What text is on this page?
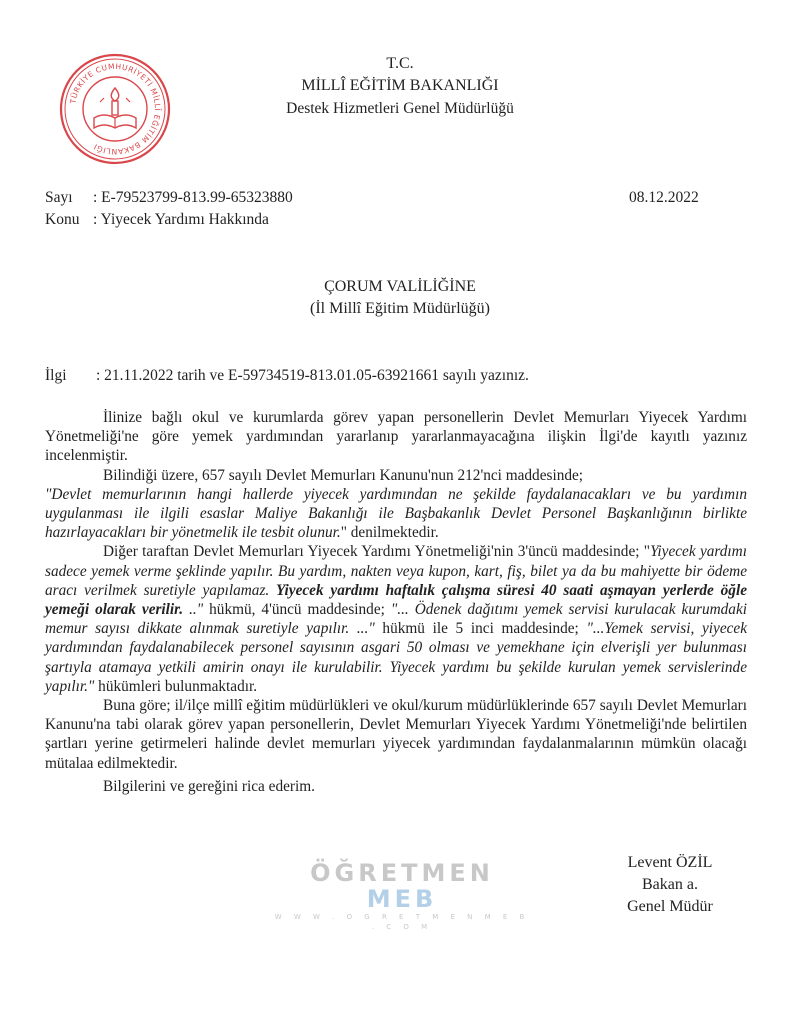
TÜRKİYE CUMHURİYETİ MİLLÎ EĞİTİM BAKANLIĞI
T.C.
MİLLÎ EĞİTİM BAKANLIĞI
Destek Hizmetleri Genel Müdürlüğü
Sayı : E-79523799-813.99-65323880	08.12.2022
Konu : Yiyecek Yardımı Hakkında
ÇORUM VALİLİĞİNE
(İl Millî Eğitim Müdürlüğü)
İlgi : 21.11.2022 tarih ve E-59734519-813.01.05-63921661 sayılı yazınız.

İlinize bağlı okul ve kurumlarda görev yapan personellerin Devlet Memurları Yiyecek Yardımı Yönetmeliği'ne göre yemek yardımından yararlanıp yararlanmayacağına ilişkin İlgi'de kayıtlı yazınız incelenmiştir.

Bilindiği üzere, 657 sayılı Devlet Memurları Kanunu'nun 212'nci maddesinde;
"Devlet memurlarının hangi hallerde yiyecek yardımından ne şekilde faydalanacakları ve bu yardımın uygulanması ile ilgili esaslar Maliye Bakanlığı ile Başbakanlık Devlet Personel Başkanlığının birlikte hazırlayacakları bir yönetmelik ile tesbit olunur." denilmektedir.

Diğer taraftan Devlet Memurları Yiyecek Yardımı Yönetmeliği'nin 3'üncü maddesinde; "Yiyecek yardımı sadece yemek verme şeklinde yapılır. Bu yardım, nakten veya kupon, kart, fiş, bilet ya da bu mahiyette bir ödeme aracı verilmek suretiyle yapılamaz. Yiyecek yardımı haftalık çalışma süresi 40 saati aşmayan yerlerde öğle yemeği olarak verilir. .." hükmü, 4'üncü maddesinde; "... Ödenek dağıtımı yemek servisi kurulacak kurumdaki memur sayısı dikkate alınmak suretiyle yapılır. ..." hükmü ile 5 inci maddesinde; "...Yemek servisi, yiyecek yardımından faydalanabilecek personel sayısının asgari 50 olması ve yemekhane için elverişli yer bulunması şartıyla atamaya yetkili amirin onayı ile kurulabilir. Yiyecek yardımı bu şekilde kurulan yemek servislerinde yapılır." hükümleri bulunmaktadır.

Buna göre; il/ilçe millî eğitim müdürlükleri ve okul/kurum müdürlüklerinde 657 sayılı Devlet Memurları Kanunu'na tabi olarak görev yapan personellerin, Devlet Memurları Yiyecek Yardımı Yönetmeliği'nde belirtilen şartları yerine getirmeleri halinde devlet memurları yiyecek yardımından faydalanmalarının mümkün olacağı mütalaa edilmektedir.

Bilgilerini ve gereğini rica ederim.

ÖĞRETMEN MEB
W W W . O G R E T M E N M E B . C O M
Levent ÖZİL
Bakan a.
Genel Müdür
